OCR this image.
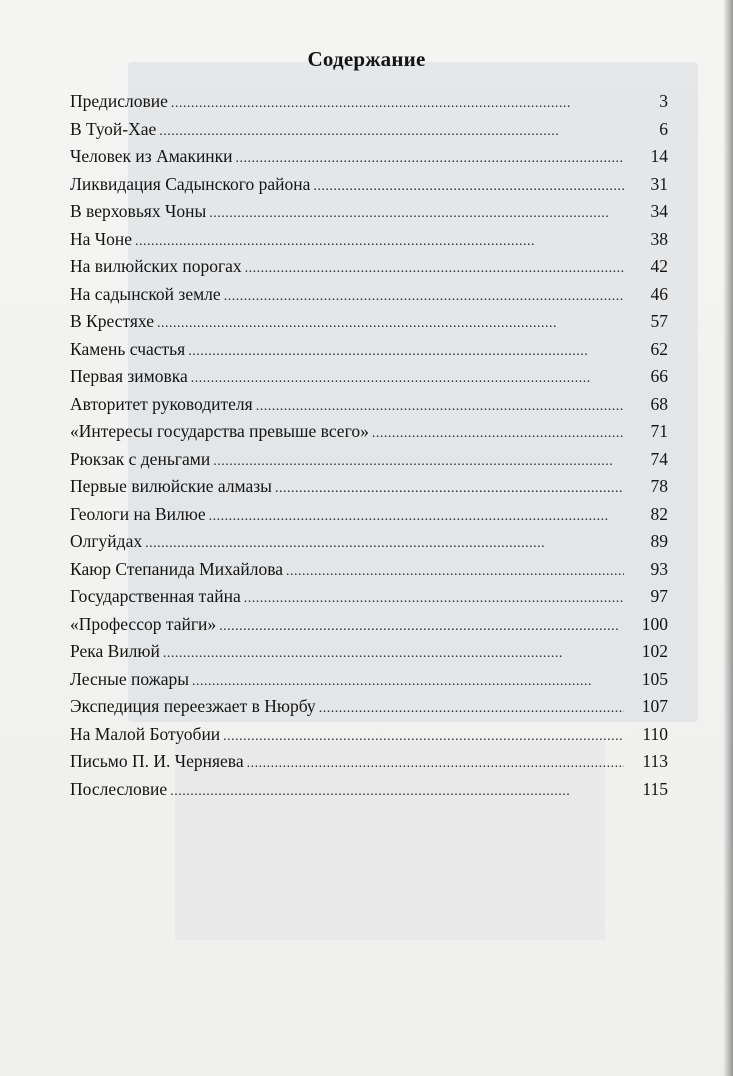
Содержание
Предисловие . . .	3
В Туой-Хае . . .	6
Человек из Амакинки . . .	14
Ликвидация Садынского района . . .	31
В верховьях Чоны . . .	34
На Чоне . . .	38
На вилюйских порогах . . .	42
На садынской земле . . .	46
В Крестяхе . . .	57
Камень счастья . . .	62
Первая зимовка . . .	66
Авторитет руководителя . . .	68
«Интересы государства превыше всего» . . .	71
Рюкзак с деньгами . . .	74
Первые вилюйские алмазы . . .	78
Геологи на Вилюе . . .	82
Олгуйдах . . .	89
Каюр Степанида Михайлова . . .	93
Государственная тайна . . .	97
«Профессор тайги» . . .	100
Река Вилюй . . .	102
Лесные пожары . . .	105
Экспедиция переезжает в Нюрбу . . .	107
На Малой Ботуобии . . .	110
Письмо П. И. Черняева . . .	113
Послесловие . . .	115
